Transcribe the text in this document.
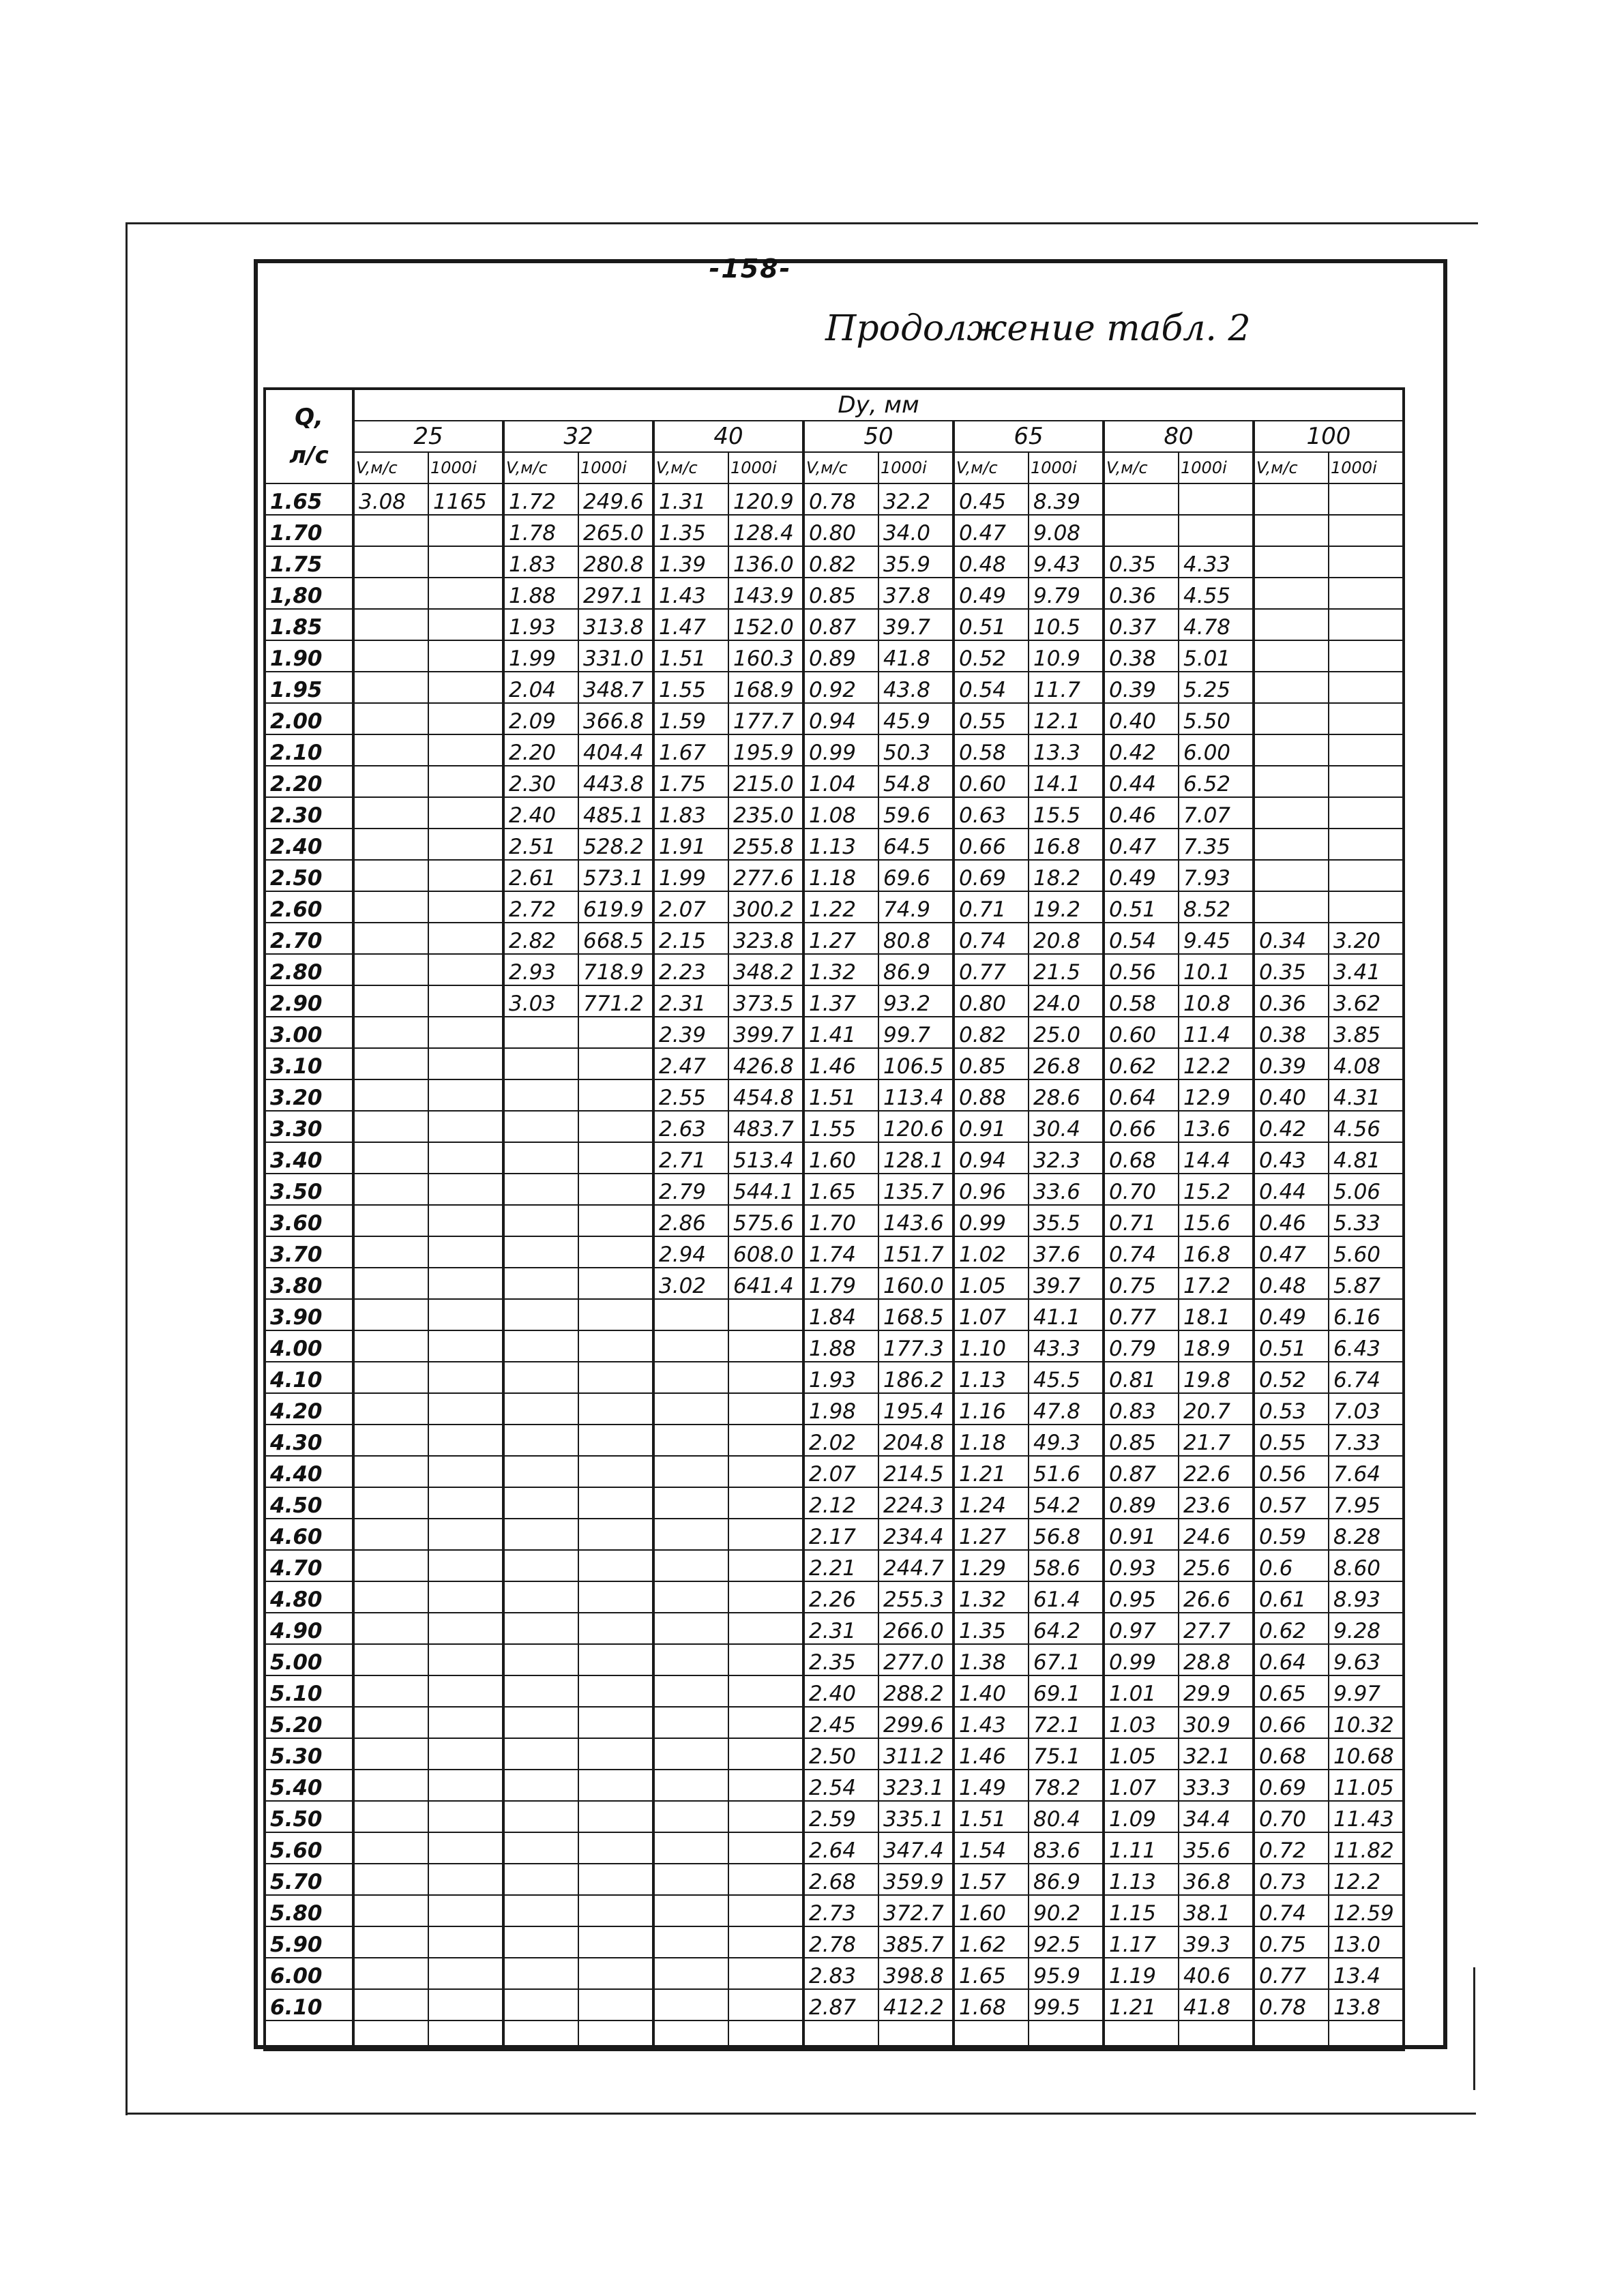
-158-
Продолжение табл. 2
Q,
л/с	Dу, мм													
	25		32		40		50		65		80		100	
	V,м/с	1000i	V,м/с	1000i	V,м/с	1000i	V,м/с	1000i	V,м/с	1000i	V,м/с	1000i	V,м/с	1000i
1.65	3.08	1165	1.72	249.6	1.31	120.9	0.78	32.2	0.45	8.39				
1.70			1.78	265.0	1.35	128.4	0.80	34.0	0.47	9.08				
1.75			1.83	280.8	1.39	136.0	0.82	35.9	0.48	9.43	0.35	4.33		
1,80			1.88	297.1	1.43	143.9	0.85	37.8	0.49	9.79	0.36	4.55		
1.85			1.93	313.8	1.47	152.0	0.87	39.7	0.51	10.5	0.37	4.78		
1.90			1.99	331.0	1.51	160.3	0.89	41.8	0.52	10.9	0.38	5.01		
1.95			2.04	348.7	1.55	168.9	0.92	43.8	0.54	11.7	0.39	5.25		
2.00			2.09	366.8	1.59	177.7	0.94	45.9	0.55	12.1	0.40	5.50		
2.10			2.20	404.4	1.67	195.9	0.99	50.3	0.58	13.3	0.42	6.00		
2.20			2.30	443.8	1.75	215.0	1.04	54.8	0.60	14.1	0.44	6.52		
2.30			2.40	485.1	1.83	235.0	1.08	59.6	0.63	15.5	0.46	7.07		
2.40			2.51	528.2	1.91	255.8	1.13	64.5	0.66	16.8	0.47	7.35		
2.50			2.61	573.1	1.99	277.6	1.18	69.6	0.69	18.2	0.49	7.93		
2.60			2.72	619.9	2.07	300.2	1.22	74.9	0.71	19.2	0.51	8.52		
2.70			2.82	668.5	2.15	323.8	1.27	80.8	0.74	20.8	0.54	9.45	0.34	3.20
2.80			2.93	718.9	2.23	348.2	1.32	86.9	0.77	21.5	0.56	10.1	0.35	3.41
2.90			3.03	771.2	2.31	373.5	1.37	93.2	0.80	24.0	0.58	10.8	0.36	3.62
3.00					2.39	399.7	1.41	99.7	0.82	25.0	0.60	11.4	0.38	3.85
3.10					2.47	426.8	1.46	106.5	0.85	26.8	0.62	12.2	0.39	4.08
3.20					2.55	454.8	1.51	113.4	0.88	28.6	0.64	12.9	0.40	4.31
3.30					2.63	483.7	1.55	120.6	0.91	30.4	0.66	13.6	0.42	4.56
3.40					2.71	513.4	1.60	128.1	0.94	32.3	0.68	14.4	0.43	4.81
3.50					2.79	544.1	1.65	135.7	0.96	33.6	0.70	15.2	0.44	5.06
3.60					2.86	575.6	1.70	143.6	0.99	35.5	0.71	15.6	0.46	5.33
3.70					2.94	608.0	1.74	151.7	1.02	37.6	0.74	16.8	0.47	5.60
3.80					3.02	641.4	1.79	160.0	1.05	39.7	0.75	17.2	0.48	5.87
3.90							1.84	168.5	1.07	41.1	0.77	18.1	0.49	6.16
4.00							1.88	177.3	1.10	43.3	0.79	18.9	0.51	6.43
4.10							1.93	186.2	1.13	45.5	0.81	19.8	0.52	6.74
4.20							1.98	195.4	1.16	47.8	0.83	20.7	0.53	7.03
4.30							2.02	204.8	1.18	49.3	0.85	21.7	0.55	7.33
4.40							2.07	214.5	1.21	51.6	0.87	22.6	0.56	7.64
4.50							2.12	224.3	1.24	54.2	0.89	23.6	0.57	7.95
4.60							2.17	234.4	1.27	56.8	0.91	24.6	0.59	8.28
4.70							2.21	244.7	1.29	58.6	0.93	25.6	0.6	8.60
4.80							2.26	255.3	1.32	61.4	0.95	26.6	0.61	8.93
4.90							2.31	266.0	1.35	64.2	0.97	27.7	0.62	9.28
5.00							2.35	277.0	1.38	67.1	0.99	28.8	0.64	9.63
5.10							2.40	288.2	1.40	69.1	1.01	29.9	0.65	9.97
5.20							2.45	299.6	1.43	72.1	1.03	30.9	0.66	10.32
5.30							2.50	311.2	1.46	75.1	1.05	32.1	0.68	10.68
5.40							2.54	323.1	1.49	78.2	1.07	33.3	0.69	11.05
5.50							2.59	335.1	1.51	80.4	1.09	34.4	0.70	11.43
5.60							2.64	347.4	1.54	83.6	1.11	35.6	0.72	11.82
5.70							2.68	359.9	1.57	86.9	1.13	36.8	0.73	12.2
5.80							2.73	372.7	1.60	90.2	1.15	38.1	0.74	12.59
5.90							2.78	385.7	1.62	92.5	1.17	39.3	0.75	13.0
6.00							2.83	398.8	1.65	95.9	1.19	40.6	0.77	13.4
6.10							2.87	412.2	1.68	99.5	1.21	41.8	0.78	13.8
